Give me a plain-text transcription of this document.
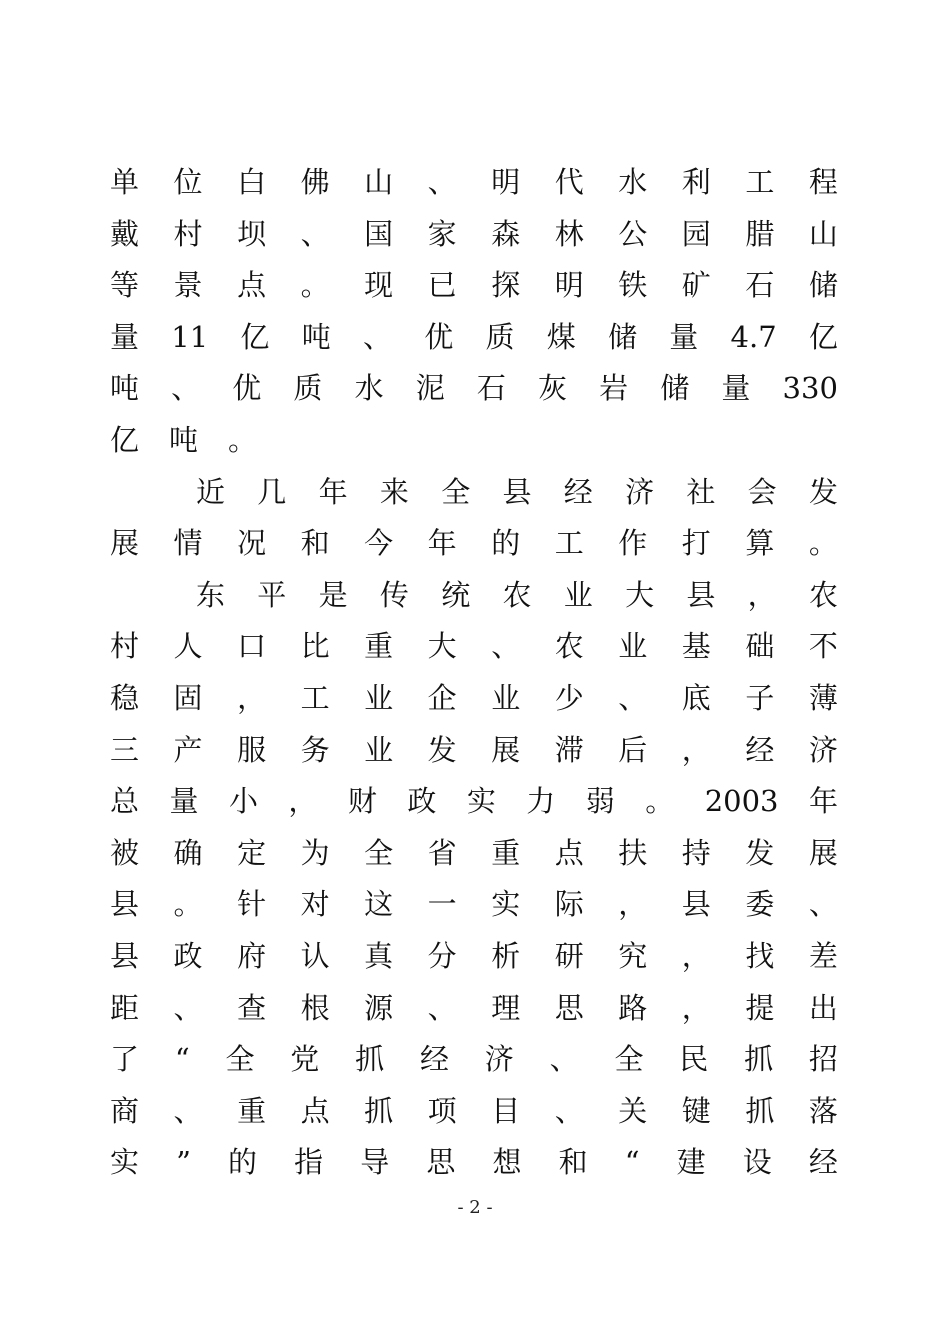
单 位 白 佛 山 、 明 代 水 利 工 程
戴 村 坝 、 国 家 森 林 公 园 腊 山
等 景 点 。 现 已 探 明 铁 矿 石 储
量 11 亿 吨 、 优 质 煤 储 量 4.7 亿
吨 、 优 质 水 泥 石 灰 岩 储 量 330
亿 吨 。
近 几 年 来 全 县 经 济 社 会 发
展 情 况 和 今 年 的 工 作 打 算 。
东 平 是 传 统 农 业 大 县 ， 农
村 人 口 比 重 大 、 农 业 基 础 不
稳 固 ， 工 业 企 业 少 、 底 子 薄
三 产 服 务 业 发 展 滞 后 ， 经 济
总 量 小 ， 财 政 实 力 弱 。 2003 年
被 确 定 为 全 省 重 点 扶 持 发 展
县 。 针 对 这 一 实 际 ， 县 委 、
县 政 府 认 真 分 析 研 究 ， 找 差
距 、 查 根 源 、 理 思 路 ， 提 出
了 “ 全 党 抓 经 济 、 全 民 抓 招
商 、 重 点 抓 项 目 、 关 键 抓 落
实 ” 的 指 导 思 想 和 “ 建 设 经
- 2 -
